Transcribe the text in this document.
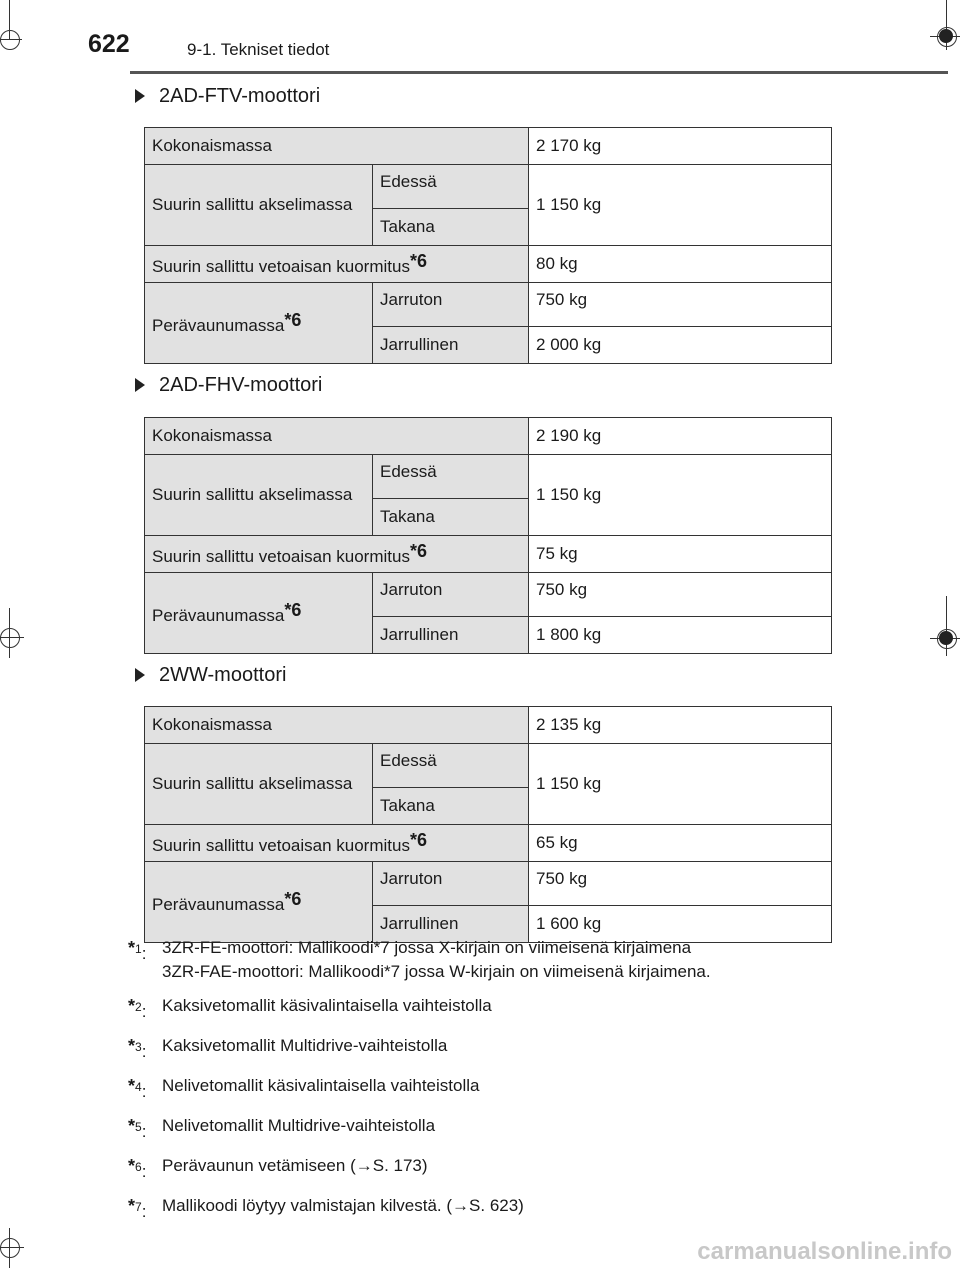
622	9-1. Tekniset tiedot
2AD-FTV-moottori
Kokonaismassa		2 170 kg
Suurin sallittu akselimassa	Edessä	1 150 kg
	Takana	
Suurin sallittu vetoaisan kuormitus*6		80 kg
Perävaunumassa*6	Jarruton	750 kg
	Jarrullinen	2 000 kg
2AD-FHV-moottori
Kokonaismassa		2 190 kg
Suurin sallittu akselimassa	Edessä	1 150 kg
	Takana	
Suurin sallittu vetoaisan kuormitus*6		75 kg
Perävaunumassa*6	Jarruton	750 kg
	Jarrullinen	1 800 kg
2WW-moottori
Kokonaismassa		2 135 kg
Suurin sallittu akselimassa	Edessä	1 150 kg
	Takana	
Suurin sallittu vetoaisan kuormitus*6		65 kg
Perävaunumassa*6	Jarruton	750 kg
	Jarrullinen	1 600 kg
*$^1$: 3ZR-FE-moottori: Mallikoodi*7 jossa X-kirjain on viimeisenä kirjaimena
3ZR-FAE-moottori: Mallikoodi*7 jossa W-kirjain on viimeisenä kirjaimena.
*$^2$: Kaksivetomallit käsivalintaisella vaihteistolla
*$^3$: Kaksivetomallit Multidrive-vaihteistolla
*$^4$: Nelivetomallit käsivalintaisella vaihteistolla
*$^5$: Nelivetomallit Multidrive-vaihteistolla
*$^6$: Perävaunun vetämiseen (→S. 173)
*$^7$: Mallikoodi löytyy valmistajan kilvestä. (→S. 623)
carmanualsonline.info
